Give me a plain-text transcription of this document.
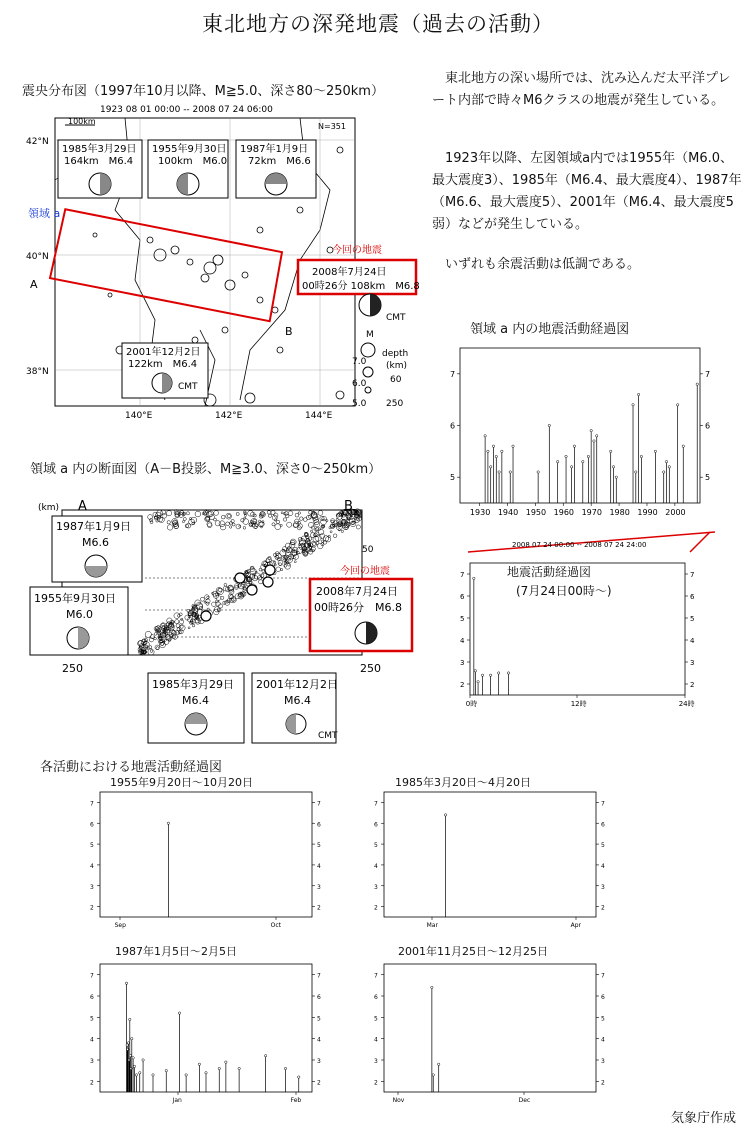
東北地方の深発地震（過去の活動）
震央分布図（1997年10月以降、M≧5.0、深さ80～250km）
1923 08 01 00:00 -- 2008 07 24 06:00
100km
N=351
42°N
40°N
38°N
140°E	142°E	144°E
領域 a
A
B
1985年3月29日
164km　M6.4
1955年9月30日
100km　M6.0
1987年1月9日
72km　M6.6
2001年12月2日
122km　M6.4
CMT
今回の地震
2008年7月24日
00時26分 108km　M6.8
CMT
M
7.0
6.0
5.0
depth
(km)
60
250
東北地方の深い場所では、沈み込んだ太平洋プレート内部で時々M6クラスの地震が発生している。
1923年以降、左図領域a内では1955年（M6.0、最大震度3）、1985年（M6.4、最大震度4）、1987年（M6.6、最大震度5）、2001年（M6.4、最大震度5弱）などが発生している。
いずれも余震活動は低調である。
領域 a 内の断面図（A－B投影、M≧3.0、深さ0～250km）
(km) A	B
50
250	250
1987年1月9日
M6.6
1955年9月30日
M6.0
1985年3月29日
M6.4
2001年12月2日
M6.4
CMT
今回の地震
2008年7月24日
00時26分　M6.8
領域 a 内の地震活動経過図
5	5
6	6
7	7
1930 1940 1950 1960 1970 1980 1990 2000
2008 07 24 00:00 -- 2008 07 24 24:00
2	2
3	3
4	4
5	5
6	6
7	7
0時	12時	24時
地震活動経過図
(7月24日00時～)
各活動における地震活動経過図
1955年9月20日～10月20日
2	2
3	3
4	4
5	5
6	6
7	7
Sep	Oct
1985年3月20日～4月20日
2	2
3	3
4	4
5	5
6	6
7	7
Mar	Apr
1987年1月5日～2月5日
2	2
3	3
4	4
5	5
6	6
7	7
Jan	Feb
2001年11月25日～12月25日
2	2
3	3
4	4
5	5
6	6
7	7
Nov	Dec
気象庁作成
